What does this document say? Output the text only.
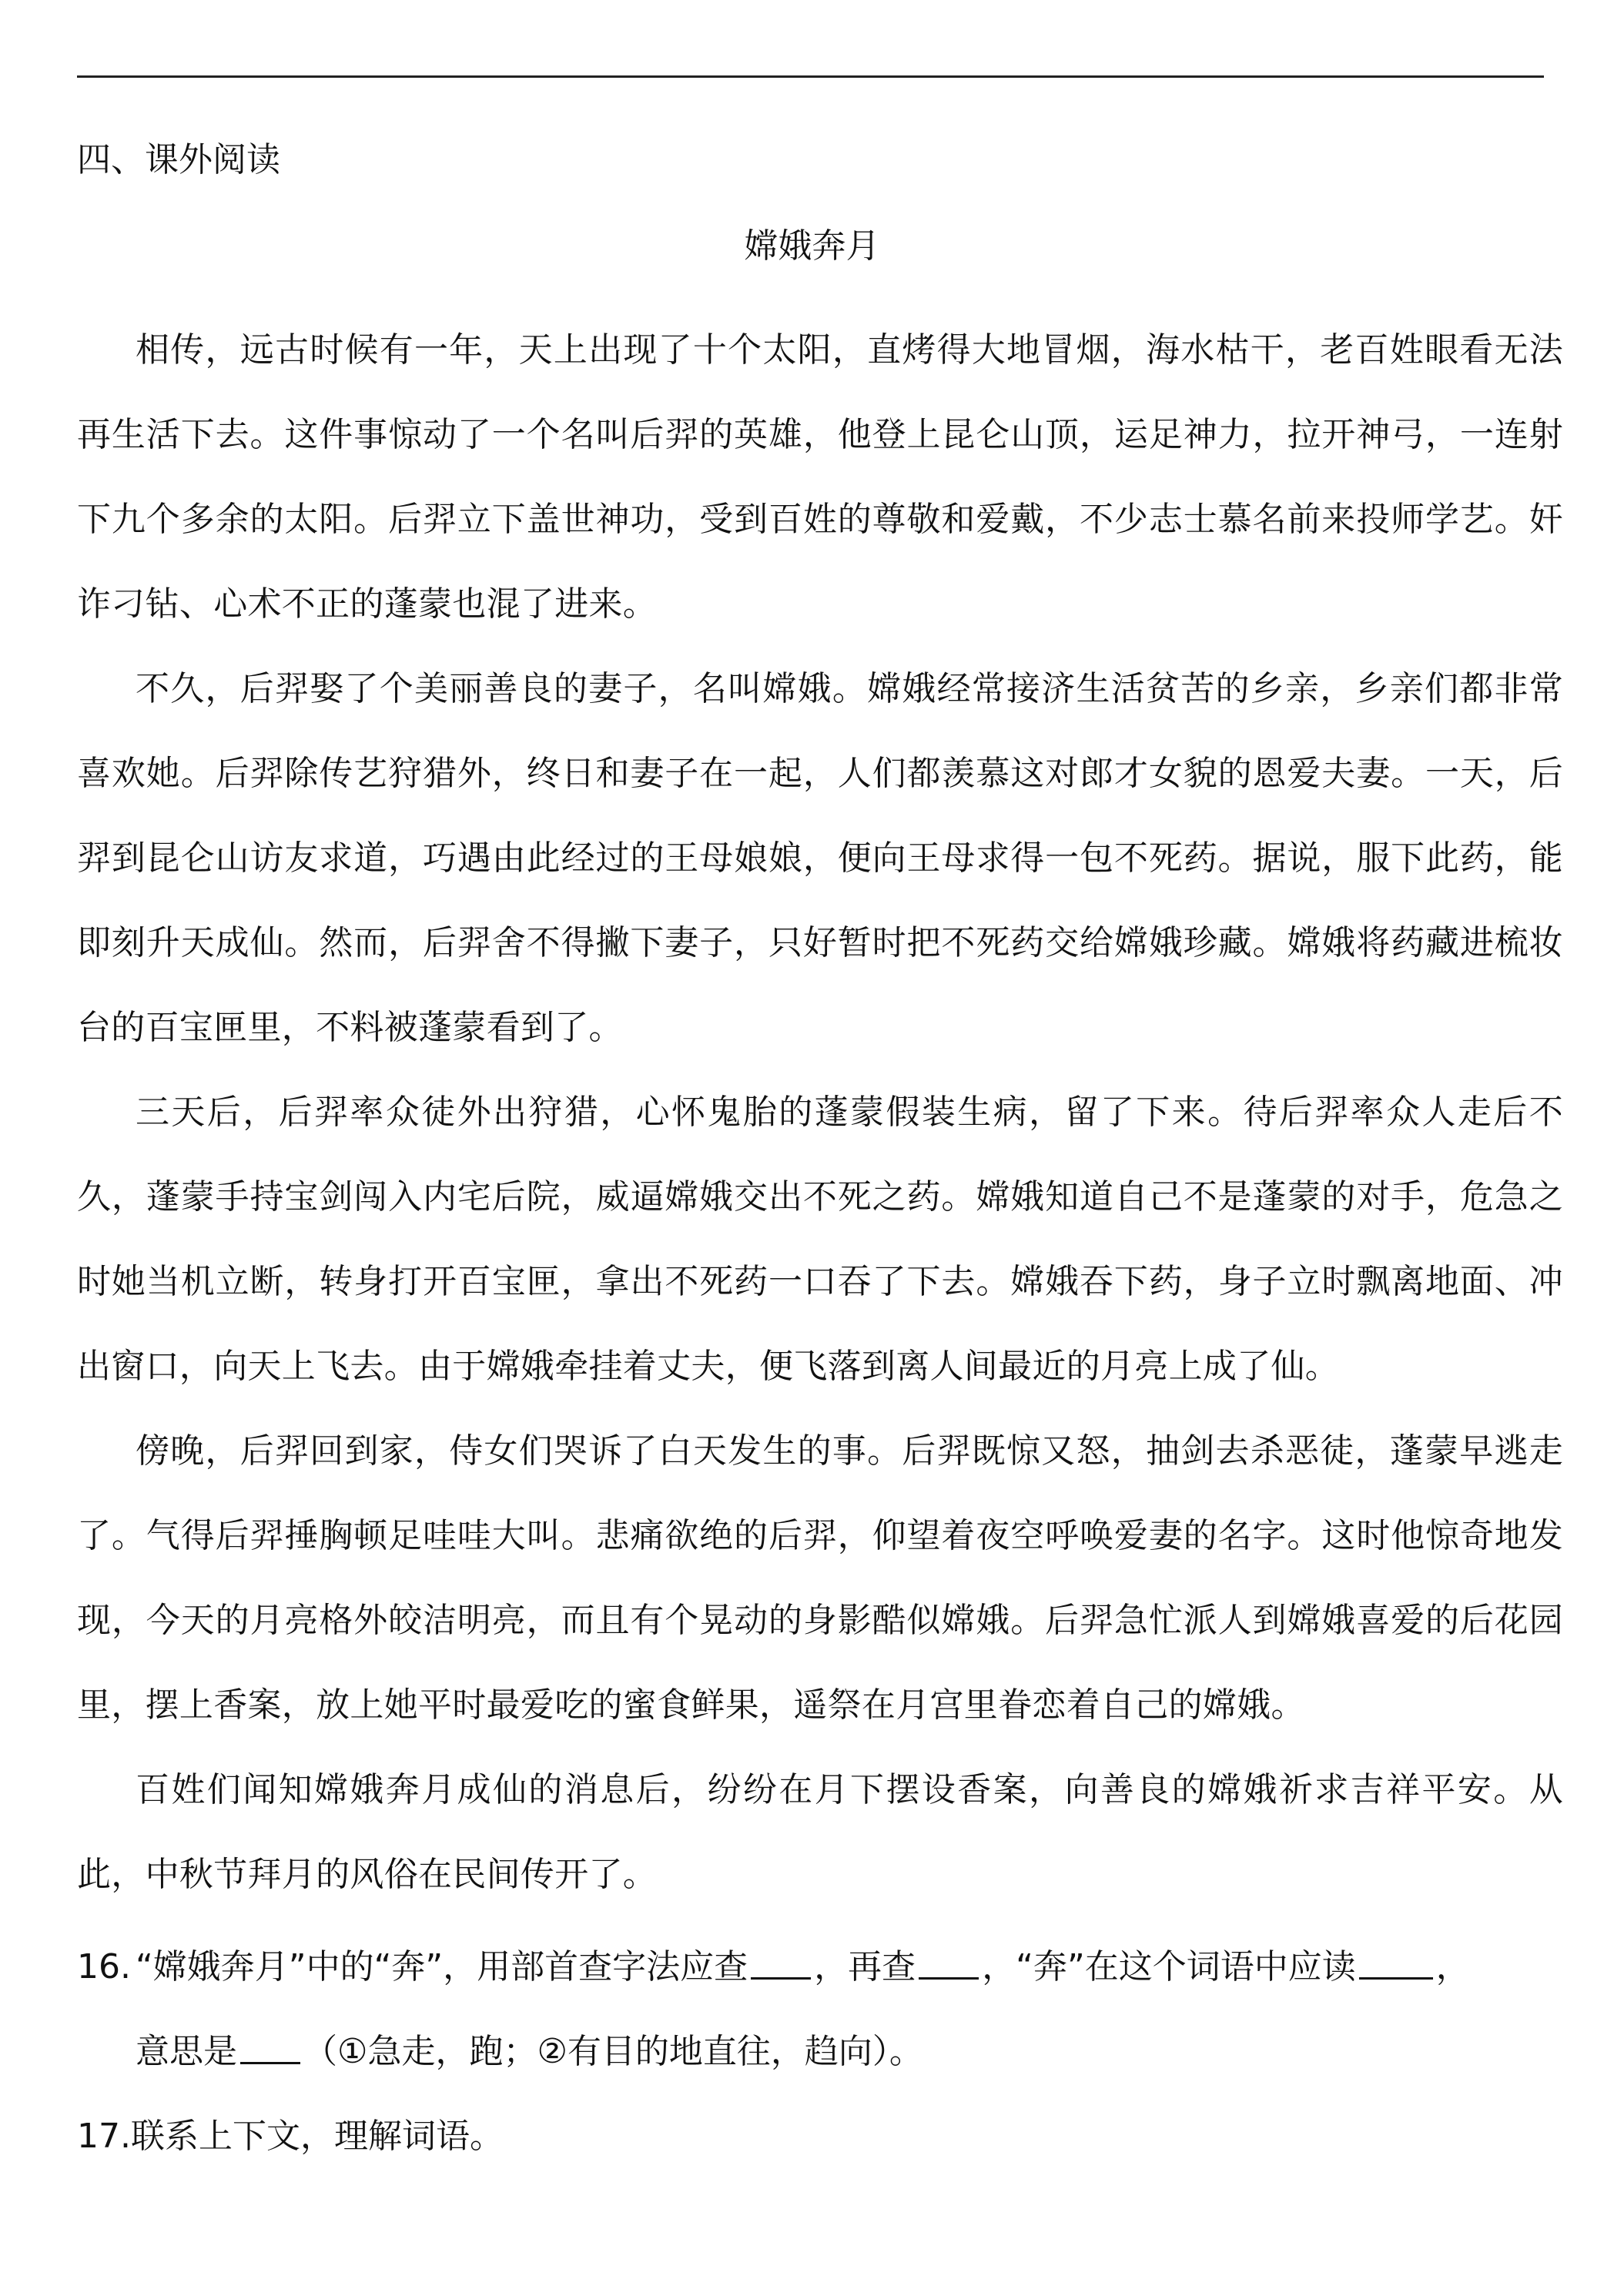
四、课外阅读
嫦娥奔月

相传，远古时候有一年，天上出现了十个太阳，直烤得大地冒烟，海水枯干，老百姓眼看无法再生活下去。这件事惊动了一个名叫后羿的英雄，他登上昆仑山顶，运足神力，拉开神弓，一连射下九个多余的太阳。后羿立下盖世神功，受到百姓的尊敬和爱戴，不少志士慕名前来投师学艺。奸诈刁钻、心术不正的蓬蒙也混了进来。

不久，后羿娶了个美丽善良的妻子，名叫嫦娥。嫦娥经常接济生活贫苦的乡亲，乡亲们都非常喜欢她。后羿除传艺狩猎外，终日和妻子在一起，人们都羡慕这对郎才女貌的恩爱夫妻。一天，后羿到昆仑山访友求道，巧遇由此经过的王母娘娘，便向王母求得一包不死药。据说，服下此药，能即刻升天成仙。然而，后羿舍不得撇下妻子，只好暂时把不死药交给嫦娥珍藏。嫦娥将药藏进梳妆台的百宝匣里，不料被蓬蒙看到了。

三天后，后羿率众徒外出狩猎，心怀鬼胎的蓬蒙假装生病，留了下来。待后羿率众人走后不久，蓬蒙手持宝剑闯入内宅后院，威逼嫦娥交出不死之药。嫦娥知道自己不是蓬蒙的对手，危急之时她当机立断，转身打开百宝匣，拿出不死药一口吞了下去。嫦娥吞下药，身子立时飘离地面、冲出窗口，向天上飞去。由于嫦娥牵挂着丈夫，便飞落到离人间最近的月亮上成了仙。

傍晚，后羿回到家，侍女们哭诉了白天发生的事。后羿既惊又怒，抽剑去杀恶徒，蓬蒙早逃走了。气得后羿捶胸顿足哇哇大叫。悲痛欲绝的后羿，仰望着夜空呼唤爱妻的名字。这时他惊奇地发现，今天的月亮格外皎洁明亮，而且有个晃动的身影酷似嫦娥。后羿急忙派人到嫦娥喜爱的后花园里，摆上香案，放上她平时最爱吃的蜜食鲜果，遥祭在月宫里眷恋着自己的嫦娥。

百姓们闻知嫦娥奔月成仙的消息后，纷纷在月下摆设香案，向善良的嫦娥祈求吉祥平安。从此，中秋节拜月的风俗在民间传开了。

16. “嫦娥奔月”中的“奔”，用部首查字法应查 ，再查 ，“奔”在这个词语中应读 ，
意思是 （①急走，跑；②有目的地直往，趋向）。
17.联系上下文，理解词语。
